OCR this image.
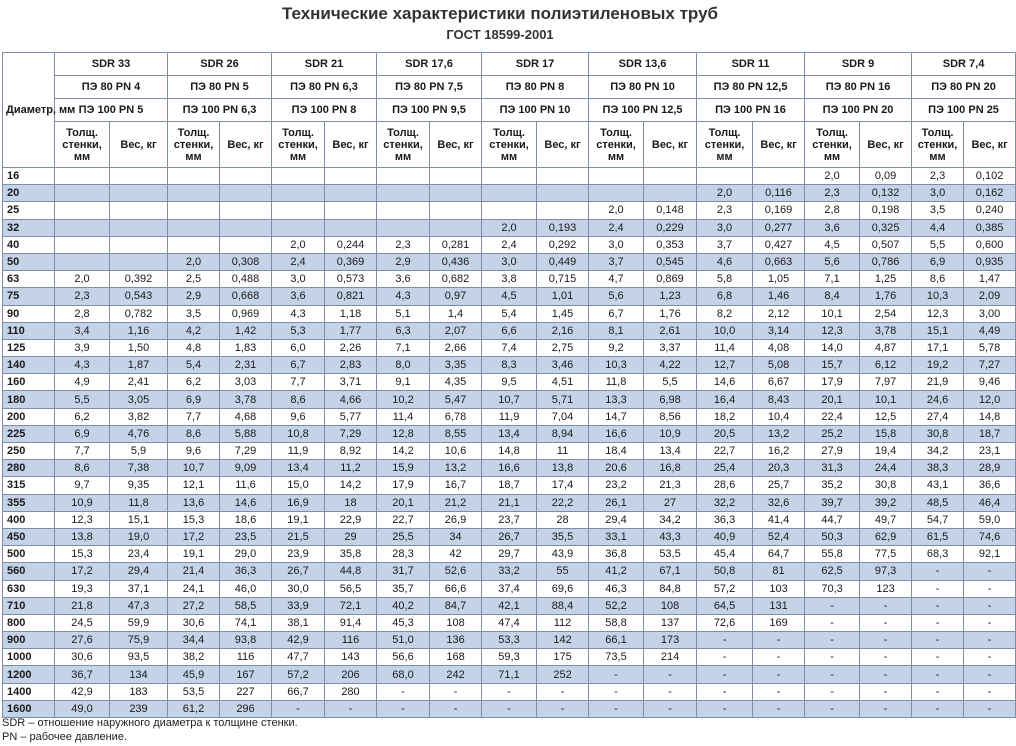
Технические характеристики полиэтиленовых труб
ГОСТ 18599-2001
Диаметр, мм	SDR 33		SDR 26		SDR 21		SDR 17,6		SDR 17		SDR 13,6		SDR 11		SDR 9		SDR 7,4	
	ПЭ 80 PN 4		ПЭ 80 PN 5		ПЭ 80 PN 6,3		ПЭ 80 PN 7,5		ПЭ 80 PN 8		ПЭ 80 PN 10		ПЭ 80 PN 12,5		ПЭ 80 PN 16		ПЭ 80 PN 20	
	ПЭ 100 PN 5		ПЭ 100 PN 6,3		ПЭ 100 PN 8		ПЭ 100 PN 9,5		ПЭ 100 PN 10		ПЭ 100 PN 12,5		ПЭ 100 PN 16		ПЭ 100 PN 20		ПЭ 100 PN 25	
	Толщ. стенки, мм	Вес, кг	Толщ. стенки, мм	Вес, кг	Толщ. стенки, мм	Вес, кг	Толщ. стенки, мм	Вес, кг	Толщ. стенки, мм	Вес, кг	Толщ. стенки, мм	Вес, кг	Толщ. стенки, мм	Вес, кг	Толщ. стенки, мм	Вес, кг	Толщ. стенки, мм	Вес, кг
16															2,0	0,09	2,3	0,102
20													2,0	0,116	2,3	0,132	3,0	0,162
25											2,0	0,148	2,3	0,169	2,8	0,198	3,5	0,240
32									2,0	0,193	2,4	0,229	3,0	0,277	3,6	0,325	4,4	0,385
40					2,0	0,244	2,3	0,281	2,4	0,292	3,0	0,353	3,7	0,427	4,5	0,507	5,5	0,600
50			2,0	0,308	2,4	0,369	2,9	0,436	3,0	0,449	3,7	0,545	4,6	0,663	5,6	0,786	6,9	0,935
63	2,0	0,392	2,5	0,488	3,0	0,573	3,6	0,682	3,8	0,715	4,7	0,869	5,8	1,05	7,1	1,25	8,6	1,47
75	2,3	0,543	2,9	0,668	3,6	0,821	4,3	0,97	4,5	1,01	5,6	1,23	6,8	1,46	8,4	1,76	10,3	2,09
90	2,8	0,782	3,5	0,969	4,3	1,18	5,1	1,4	5,4	1,45	6,7	1,76	8,2	2,12	10,1	2,54	12,3	3,00
110	3,4	1,16	4,2	1,42	5,3	1,77	6,3	2,07	6,6	2,16	8,1	2,61	10,0	3,14	12,3	3,78	15,1	4,49
125	3,9	1,50	4,8	1,83	6,0	2,26	7,1	2,66	7,4	2,75	9,2	3,37	11,4	4,08	14,0	4,87	17,1	5,78
140	4,3	1,87	5,4	2,31	6,7	2,83	8,0	3,35	8,3	3,46	10,3	4,22	12,7	5,08	15,7	6,12	19,2	7,27
160	4,9	2,41	6,2	3,03	7,7	3,71	9,1	4,35	9,5	4,51	11,8	5,5	14,6	6,67	17,9	7,97	21,9	9,46
180	5,5	3,05	6,9	3,78	8,6	4,66	10,2	5,47	10,7	5,71	13,3	6,98	16,4	8,43	20,1	10,1	24,6	12,0
200	6,2	3,82	7,7	4,68	9,6	5,77	11,4	6,78	11,9	7,04	14,7	8,56	18,2	10,4	22,4	12,5	27,4	14,8
225	6,9	4,76	8,6	5,88	10,8	7,29	12,8	8,55	13,4	8,94	16,6	10,9	20,5	13,2	25,2	15,8	30,8	18,7
250	7,7	5,9	9,6	7,29	11,9	8,92	14,2	10,6	14,8	11	18,4	13,4	22,7	16,2	27,9	19,4	34,2	23,1
280	8,6	7,38	10,7	9,09	13,4	11,2	15,9	13,2	16,6	13,8	20,6	16,8	25,4	20,3	31,3	24,4	38,3	28,9
315	9,7	9,35	12,1	11,6	15,0	14,2	17,9	16,7	18,7	17,4	23,2	21,3	28,6	25,7	35,2	30,8	43,1	36,6
355	10,9	11,8	13,6	14,6	16,9	18	20,1	21,2	21,1	22,2	26,1	27	32,2	32,6	39,7	39,2	48,5	46,4
400	12,3	15,1	15,3	18,6	19,1	22,9	22,7	26,9	23,7	28	29,4	34,2	36,3	41,4	44,7	49,7	54,7	59,0
450	13,8	19,0	17,2	23,5	21,5	29	25,5	34	26,7	35,5	33,1	43,3	40,9	52,4	50,3	62,9	61,5	74,6
500	15,3	23,4	19,1	29,0	23,9	35,8	28,3	42	29,7	43,9	36,8	53,5	45,4	64,7	55,8	77,5	68,3	92,1
560	17,2	29,4	21,4	36,3	26,7	44,8	31,7	52,6	33,2	55	41,2	67,1	50,8	81	62,5	97,3	-	-
630	19,3	37,1	24,1	46,0	30,0	56,5	35,7	66,6	37,4	69,6	46,3	84,8	57,2	103	70,3	123	-	-
710	21,8	47,3	27,2	58,5	33,9	72,1	40,2	84,7	42,1	88,4	52,2	108	64,5	131	-	-	-	-
800	24,5	59,9	30,6	74,1	38,1	91,4	45,3	108	47,4	112	58,8	137	72,6	169	-	-	-	-
900	27,6	75,9	34,4	93,8	42,9	116	51,0	136	53,3	142	66,1	173	-	-	-	-	-	-
1000	30,6	93,5	38,2	116	47,7	143	56,6	168	59,3	175	73,5	214	-	-	-	-	-	-
1200	36,7	134	45,9	167	57,2	206	68,0	242	71,1	252	-	-	-	-	-	-	-	-
1400	42,9	183	53,5	227	66,7	280	-	-	-	-	-	-	-	-	-	-	-	-
1600	49,0	239	61,2	296	-	-	-	-	-	-	-	-	-	-	-	-	-	-
SDR – отношение наружного диаметра к толщине стенки.
PN – рабочее давление.
